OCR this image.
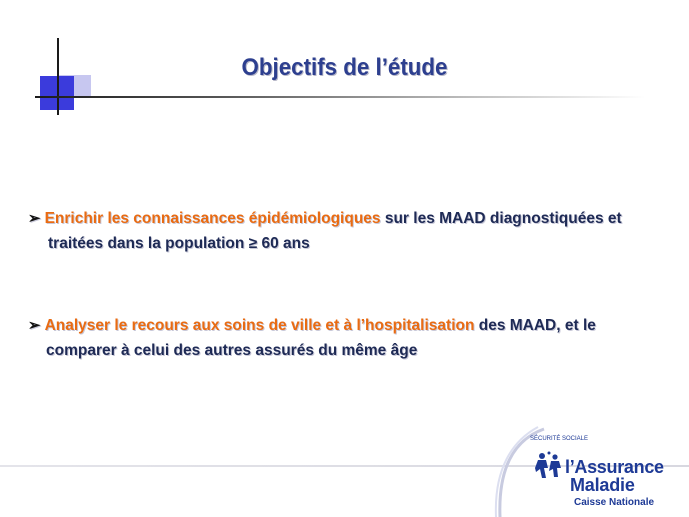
Objectifs de l’étude
➢ Enrichir les connaissances épidémiologiques sur les MAAD diagnostiquées et
traitées dans la population ≥ 60 ans
➢ Analyser le recours aux soins de ville et à l’hospitalisation des MAAD, et le
comparer à celui des autres assurés du même âge
SÉCURITÉ SOCIALE
l’Assurance
Maladie
Caisse Nationale
